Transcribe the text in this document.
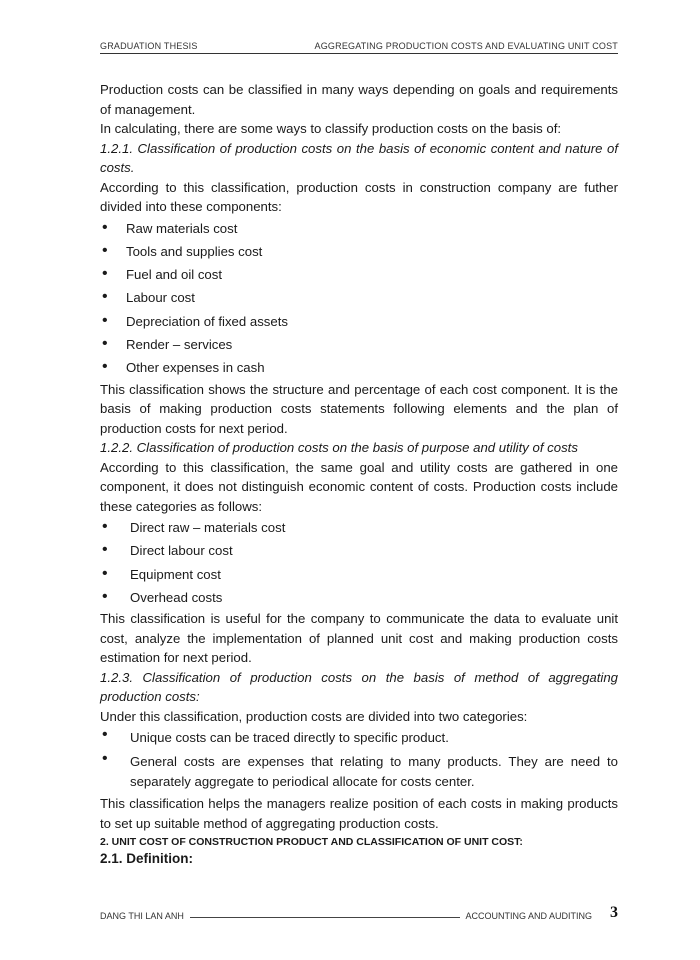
GRADUATION THESIS	AGGREGATING PRODUCTION COSTS AND EVALUATING UNIT COST

Production costs can be classified in many ways depending on goals and requirements of management.

In calculating, there are some ways to classify production costs on the basis of:

1.2.1. Classification of production costs on the basis of economic content and nature of costs.

According to this classification, production costs in construction company are futher divided into these components:

• Raw materials cost
• Tools and supplies cost
• Fuel and oil cost
• Labour cost
• Depreciation of fixed assets
• Render – services
• Other expenses in cash

This classification shows the structure and percentage of each cost component. It is the basis of making production costs statements following elements and the plan of production costs for next period.

1.2.2. Classification of production costs on the basis of purpose and utility of costs

According to this classification, the same goal and utility costs are gathered in one component, it does not distinguish economic content of costs. Production costs include these categories as follows:

• Direct raw – materials cost
• Direct labour cost
• Equipment cost
• Overhead costs

This classification is useful for the company to communicate the data to evaluate unit cost, analyze the implementation of planned unit cost and making production costs estimation for next period.

1.2.3. Classification of production costs on the basis of method of aggregating production costs:

Under this classification, production costs are divided into two categories:

• Unique costs can be traced directly to specific product.
• General costs are expenses that relating to many products. They are need to separately aggregate to periodical allocate for costs center.

This classification helps the managers realize position of each costs in making products to set up suitable method of aggregating production costs.

2. UNIT COST OF CONSTRUCTION PRODUCT AND CLASSIFICATION OF UNIT COST:
2.1. Definition:
DANG THI LAN ANH	ACCOUNTING AND AUDITING 3
